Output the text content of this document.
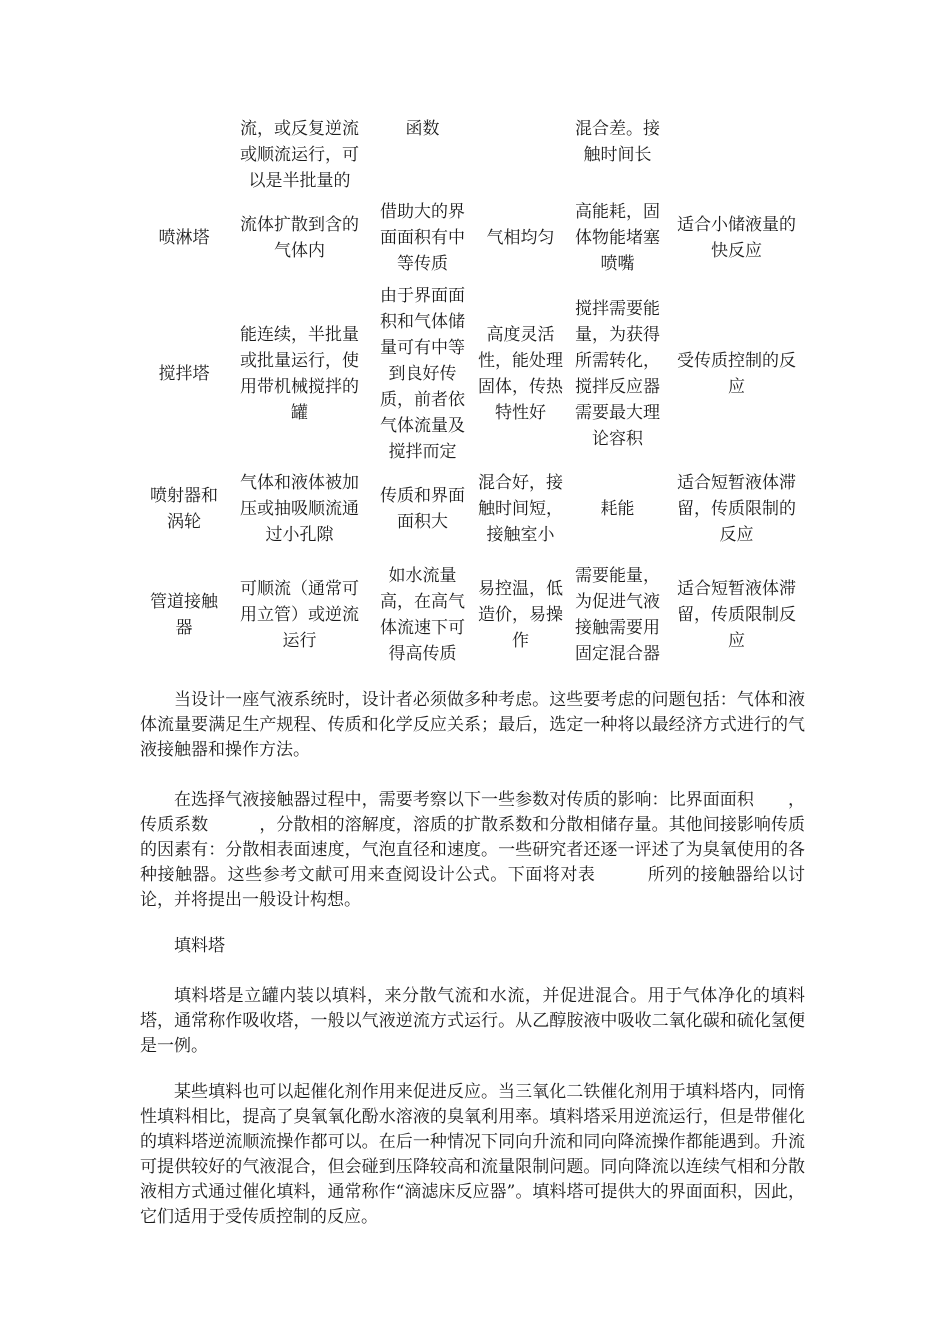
	流，或反复逆流或顺流运行，可以是半批量的	函数		混合差。接触时间长	
喷淋塔	流体扩散到含的气体内	借助大的界面面积有中等传质	气相均匀	高能耗，固体物能堵塞喷嘴	适合小储液量的快反应
搅拌塔	能连续，半批量或批量运行，使用带机械搅拌的罐	由于界面面积和气体储量可有中等到良好传质，前者依气体流量及搅拌而定	高度灵活性，能处理固体，传热特性好	搅拌需要能量，为获得所需转化，搅拌反应器需要最大理论容积	受传质控制的反应
喷射器和涡轮	气体和液体被加压或抽吸顺流通过小孔隙	传质和界面面积大	混合好，接触时间短，接触室小	耗能	适合短暂液体滞留，传质限制的反应
管道接触器	可顺流（通常可用立管）或逆流运行	如水流量高，在高气体流速下可得高传质	易控温，低造价，易操作	需要能量，为促进气液接触需要用固定混合器	适合短暂液体滞留，传质限制反应

当设计一座气液系统时，设计者必须做多种考虑。这些要考虑的问题包括：气体和液体流量要满足生产规程、传质和化学反应关系；最后，选定一种将以最经济方式进行的气液接触器和操作方法。

在选择气液接触器过程中，需要考察以下一些参数对传质的影响：比界面面积　　，传质系数　　　，分散相的溶解度，溶质的扩散系数和分散相储存量。其他间接影响传质的因素有：分散相表面速度，气泡直径和速度。一些研究者还逐一评述了为臭氧使用的各种接触器。这些参考文献可用来查阅设计公式。下面将对表　　　所列的接触器给以讨论，并将提出一般设计构想。

填料塔

填料塔是立罐内装以填料，来分散气流和水流，并促进混合。用于气体净化的填料塔，通常称作吸收塔，一般以气液逆流方式运行。从乙醇胺液中吸收二氧化碳和硫化氢便是一例。

某些填料也可以起催化剂作用来促进反应。当三氧化二铁催化剂用于填料塔内，同惰性填料相比，提高了臭氧氧化酚水溶液的臭氧利用率。填料塔采用逆流运行，但是带催化的填料塔逆流顺流操作都可以。在后一种情况下同向升流和同向降流操作都能遇到。升流可提供较好的气液混合，但会碰到压降较高和流量限制问题。同向降流以连续气相和分散液相方式通过催化填料，通常称作“滴滤床反应器”。填料塔可提供大的界面面积，因此，它们适用于受传质控制的反应。
